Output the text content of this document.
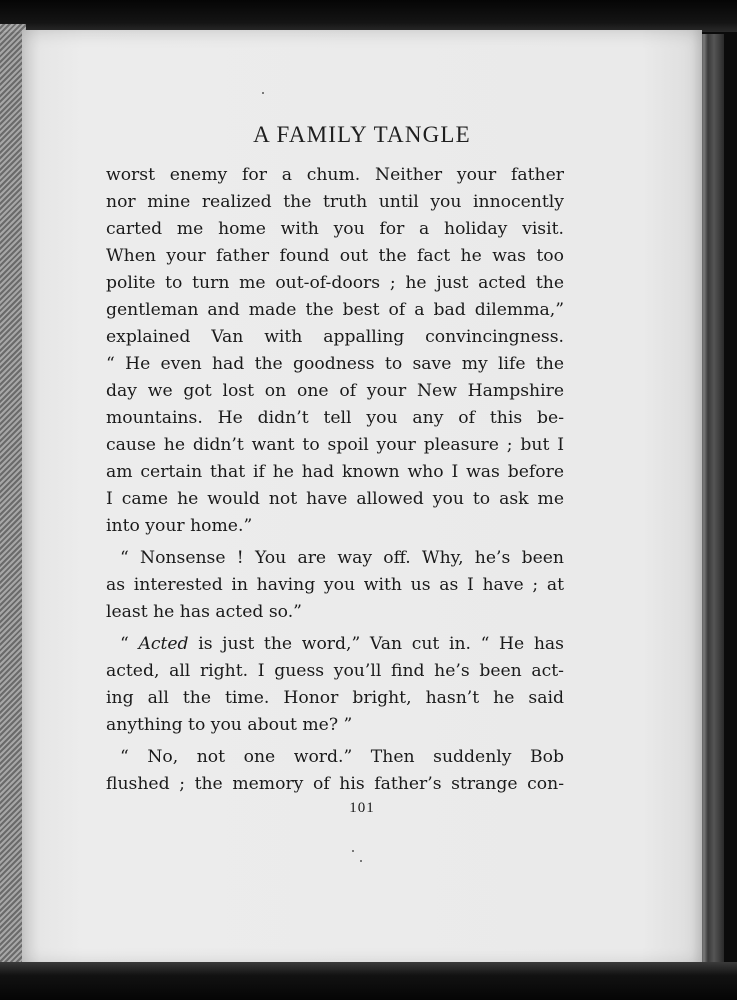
A FAMILY TANGLE
worst enemy for a chum. Neither your father
nor mine realized the truth until you innocently
carted me home with you for a holiday visit.
When your father found out the fact he was too
polite to turn me out-of-doors ; he just acted the
gentleman and made the best of a bad dilemma,”
explained Van with appalling convincingness.
“ He even had the goodness to save my life the
day we got lost on one of your New Hampshire
mountains. He didn’t tell you any of this be-
cause he didn’t want to spoil your pleasure ; but I
am certain that if he had known who I was before
I came he would not have allowed you to ask me
into your home.”
“ Nonsense ! You are way off. Why, he’s been
as interested in having you with us as I have ; at
least he has acted so.”
“ Acted is just the word,” Van cut in. “ He has
acted, all right. I guess you’ll find he’s been act-
ing all the time. Honor bright, hasn’t he said
anything to you about me? ”
“ No, not one word.” Then suddenly Bob
flushed ; the memory of his father’s strange con-
101
